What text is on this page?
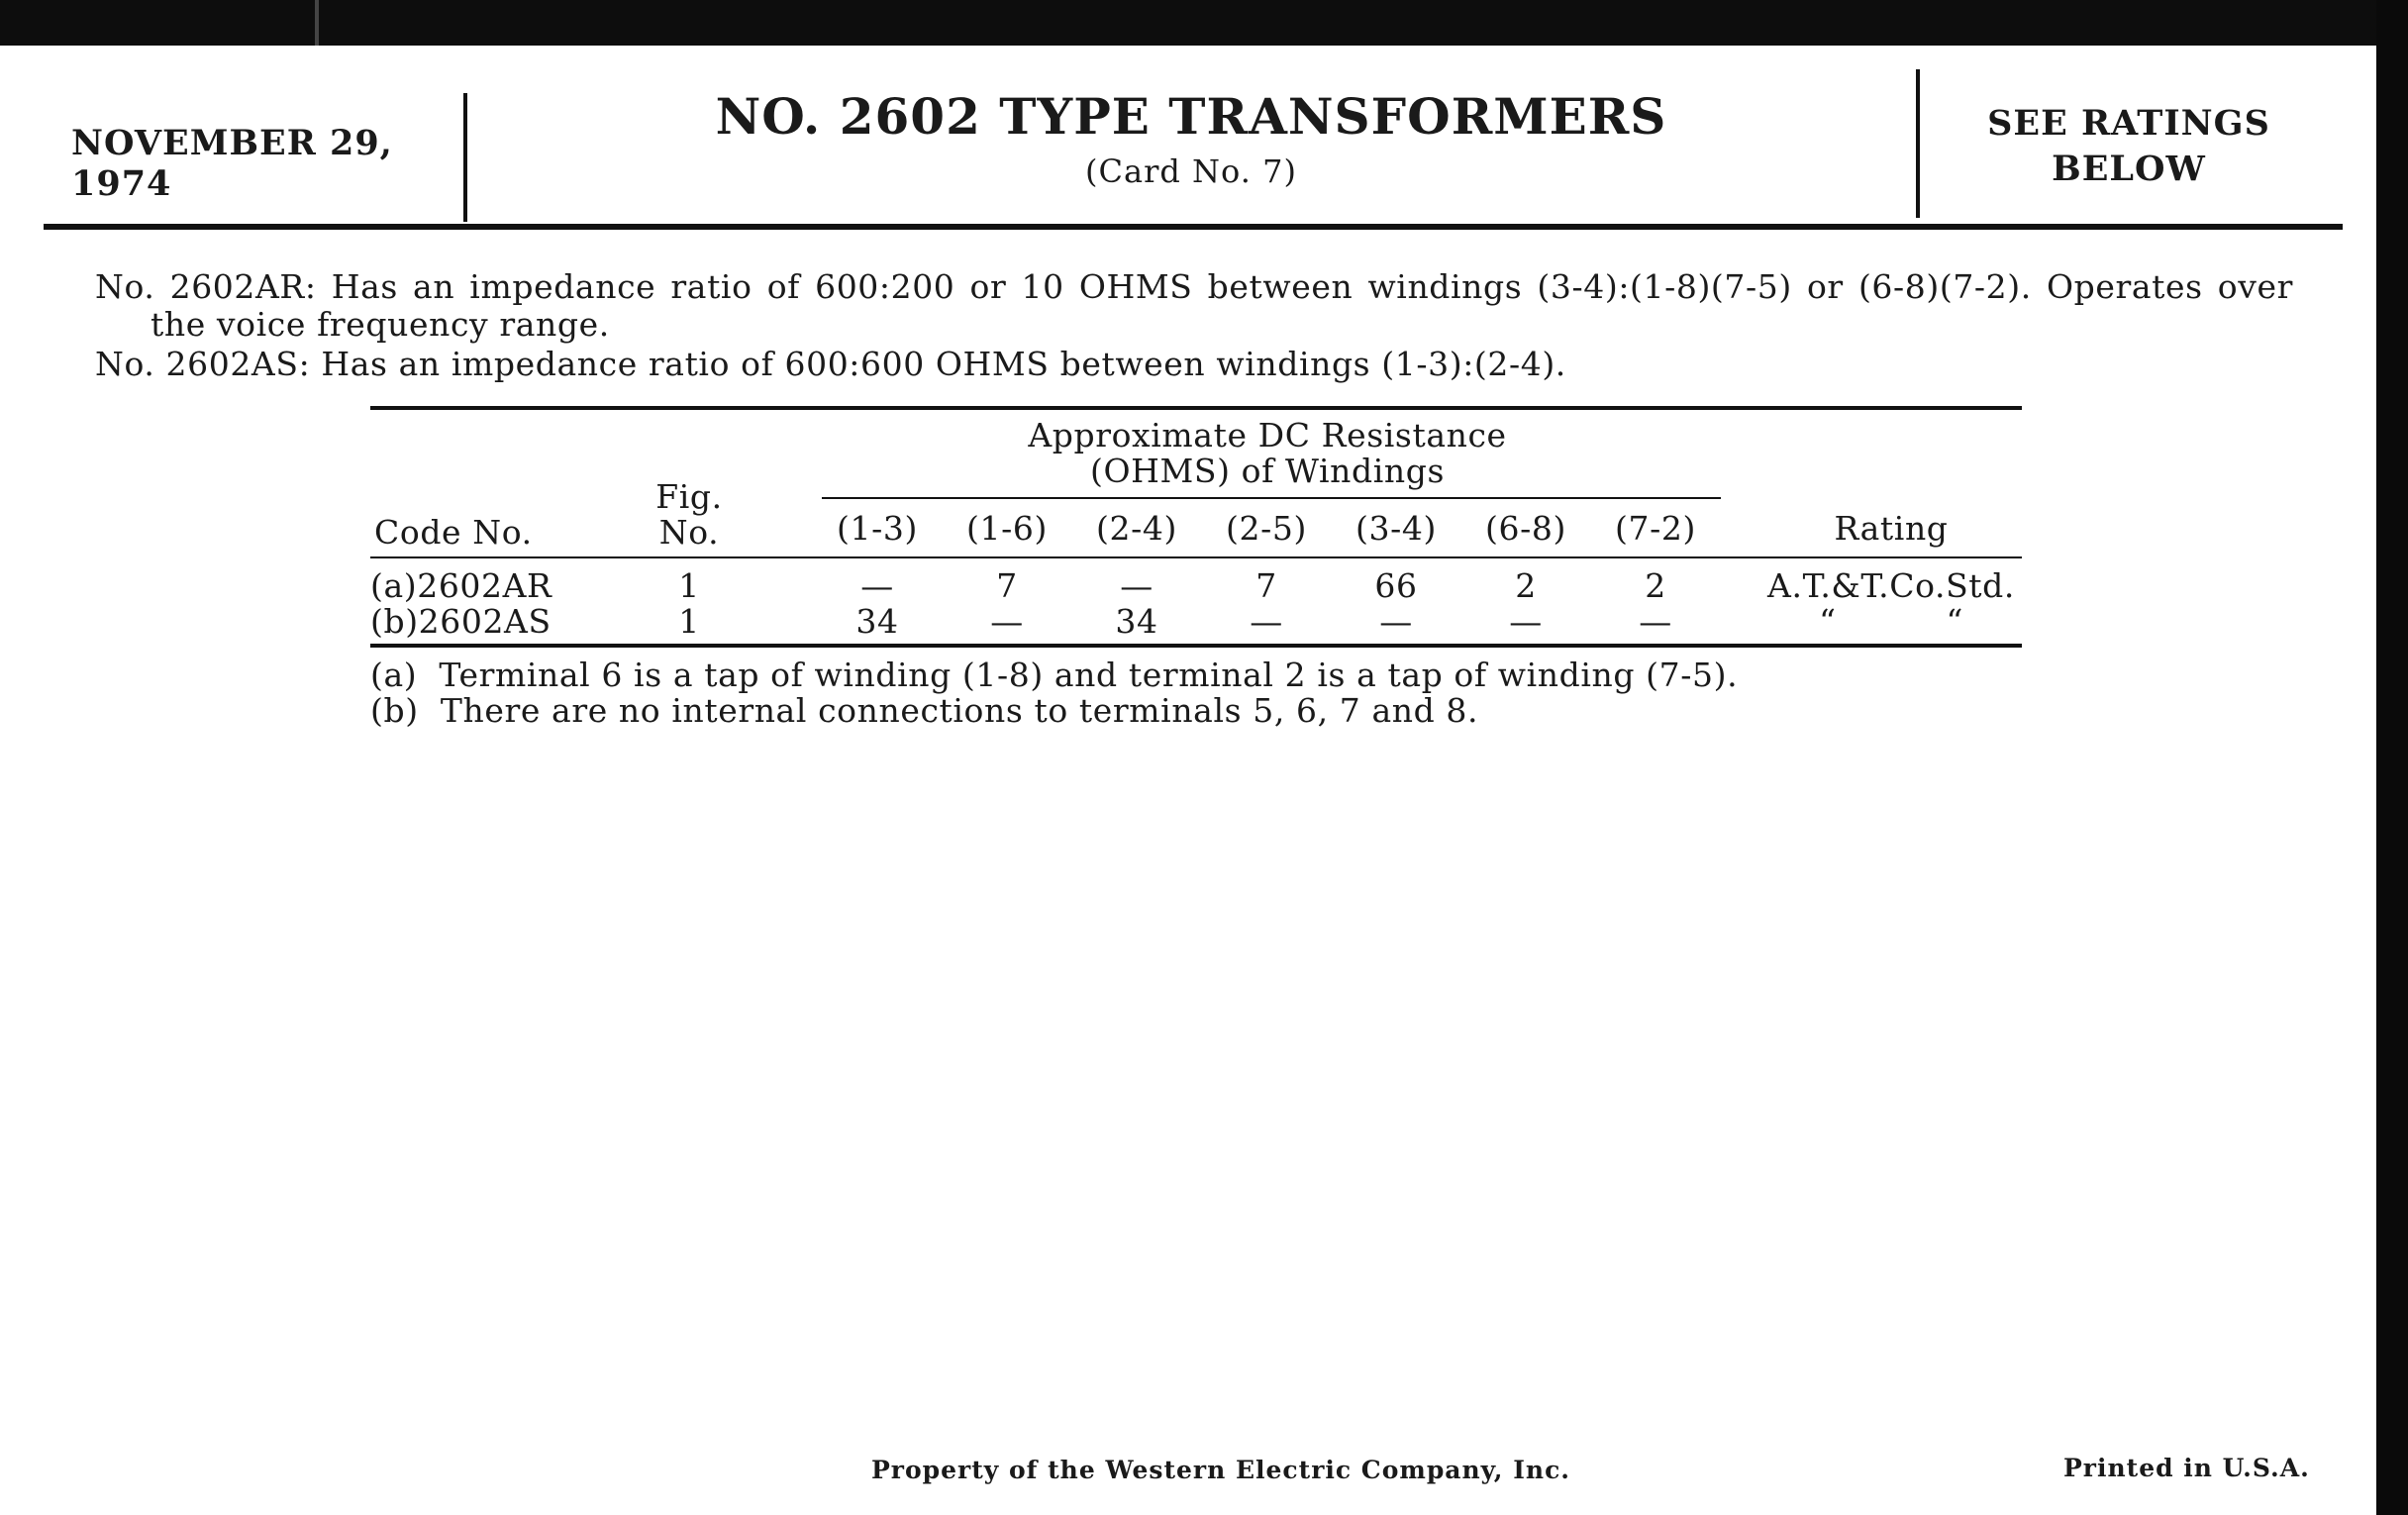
NOVEMBER 29, 1974
NO. 2602 TYPE TRANSFORMERS
(Card No. 7)
SEE RATINGS
BELOW
No. 2602AR: Has an impedance ratio of 600:200 or 10 OHMS between windings (3-4):(1-8)(7-5) or (6-8)(7-2). Operates over
the voice frequency range.
No. 2602AS: Has an impedance ratio of 600:600 OHMS between windings (1-3):(2-4).
Approximate DC Resistance
(OHMS) of Windings
Code No.
Fig.
No.	(1-3)	(1-6)	(2-4)	(2-5)	(3-4)	(6-8)	(7-2)	Rating
(a)2602AR	1	—	7	—	7	66	2	2	A.T.&T.Co.Std.
(b)2602AS	1	34	—	34	—	—	—	—	“          “
(a)  Terminal 6 is a tap of winding (1-8) and terminal 2 is a tap of winding (7-5).
(b)  There are no internal connections to terminals 5, 6, 7 and 8.
Property of the Western Electric Company, Inc.	Printed in U.S.A.
